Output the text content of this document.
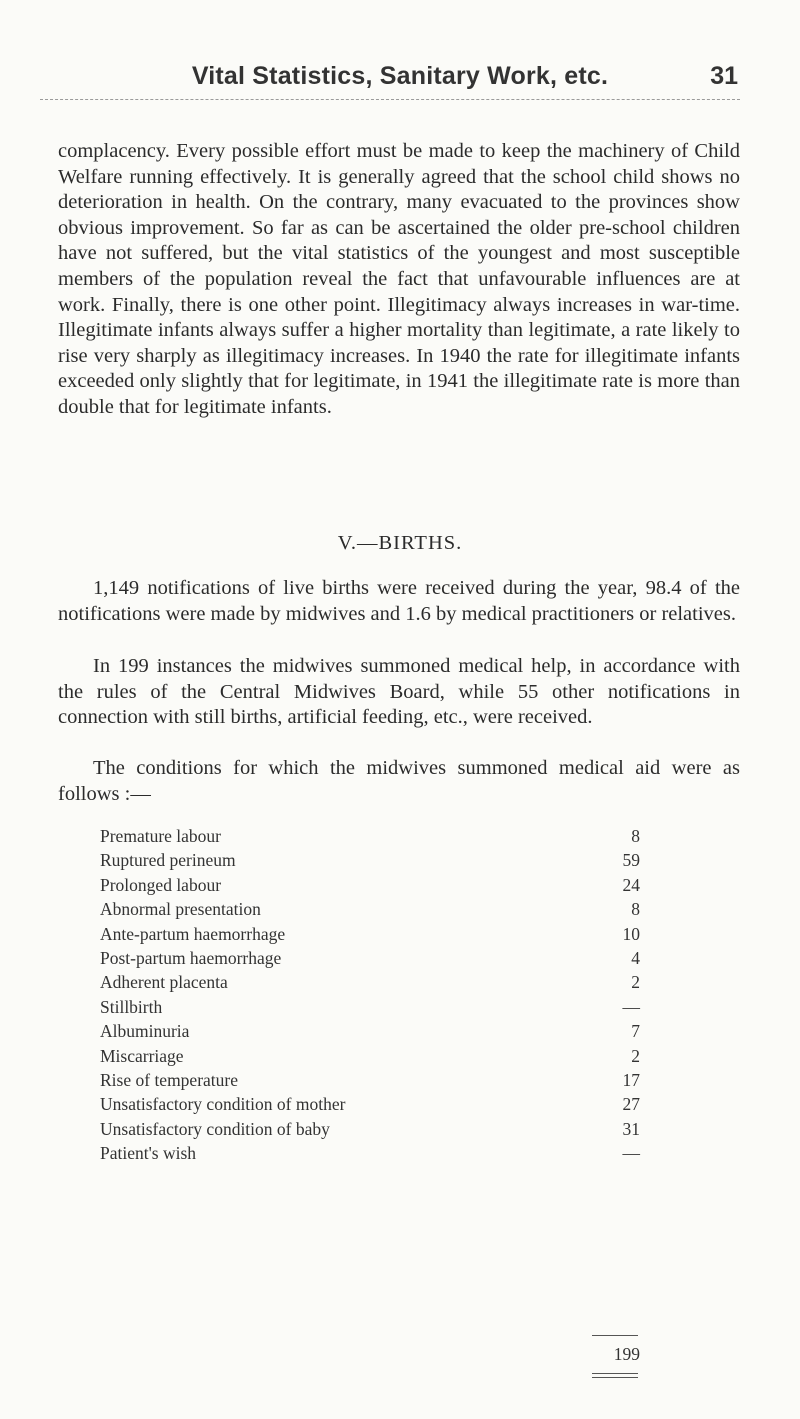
Vital Statistics, Sanitary Work, etc.	31

complacency. Every possible effort must be made to keep the machinery of Child Welfare running effectively. It is generally agreed that the school child shows no deterioration in health. On the contrary, many evacuated to the provinces show obvious improvement. So far as can be ascertained the older pre-school children have not suffered, but the vital statistics of the youngest and most susceptible members of the population reveal the fact that unfavourable influences are at work. Finally, there is one other point. Illegitimacy always increases in war-time. Illegitimate infants always suffer a higher mortality than legitimate, a rate likely to rise very sharply as illegitimacy increases. In 1940 the rate for illegitimate infants exceeded only slightly that for legitimate, in 1941 the illegitimate rate is more than double that for legitimate infants.

V.—BIRTHS.

1,149 notifications of live births were received during the year, 98.4 of the notifications were made by midwives and 1.6 by medical practitioners or relatives.

In 199 instances the midwives summoned medical help, in accordance with the rules of the Central Midwives Board, while 55 other notifications in connection with still births, artificial feeding, etc., were received.

The conditions for which the midwives summoned medical aid were as follows :—

Premature labour	8
Ruptured perineum	59
Prolonged labour	24
Abnormal presentation	8
Ante-partum haemorrhage	10
Post-partum haemorrhage	4
Adherent placenta	2
Stillbirth	—
Albuminuria	7
Miscarriage	2
Rise of temperature	17
Unsatisfactory condition of mother	27
Unsatisfactory condition of baby	31
Patient's wish	—
199
